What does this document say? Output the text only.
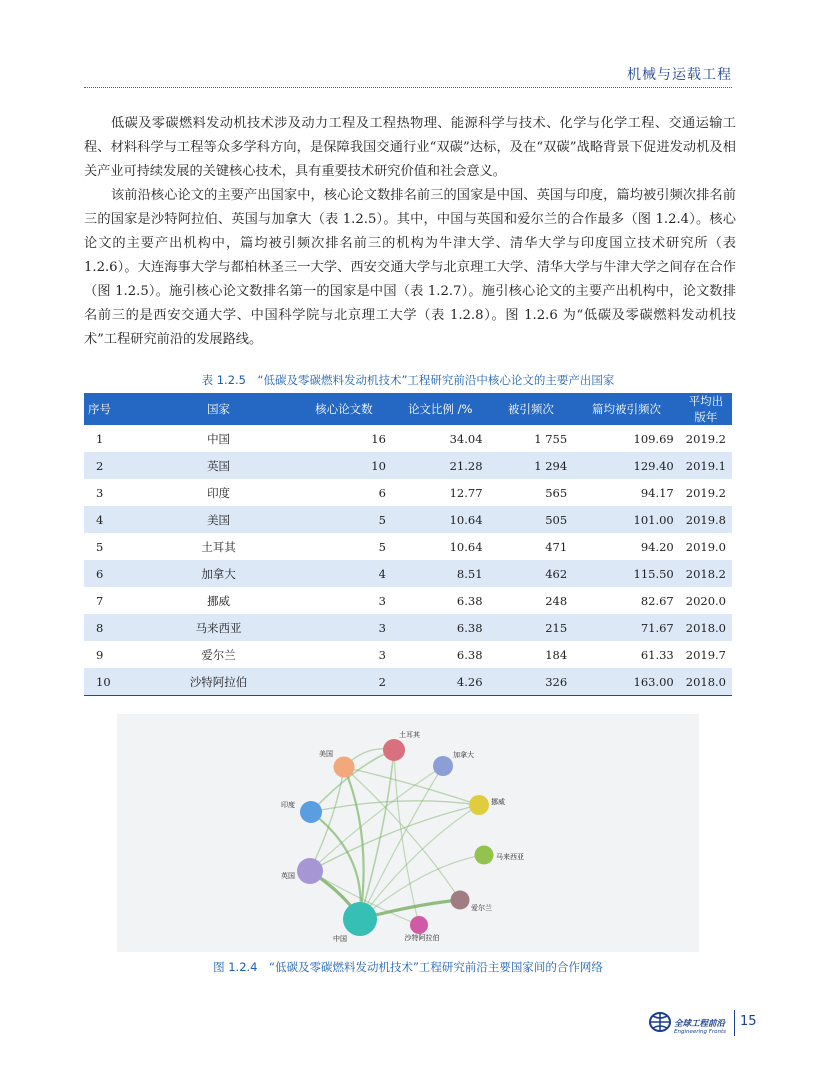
机械与运载工程

低碳及零碳燃料发动机技术涉及动力工程及工程热物理、能源科学与技术、化学与化学工程、交通运输工程、材料科学与工程等众多学科方向，是保障我国交通行业“双碳”达标，及在“双碳”战略背景下促进发动机及相关产业可持续发展的关键核心技术，具有重要技术研究价值和社会意义。

该前沿核心论文的主要产出国家中，核心论文数排名前三的国家是中国、英国与印度，篇均被引频次排名前三的国家是沙特阿拉伯、英国与加拿大（表 1.2.5）。其中，中国与英国和爱尔兰的合作最多（图 1.2.4）。核心论文的主要产出机构中，篇均被引频次排名前三的机构为牛津大学、清华大学与印度国立技术研究所（表 1.2.6）。大连海事大学与都柏林圣三一大学、西安交通大学与北京理工大学、清华大学与牛津大学之间存在合作（图 1.2.5）。施引核心论文数排名第一的国家是中国（表 1.2.7）。施引核心论文的主要产出机构中，论文数排名前三的是西安交通大学、中国科学院与北京理工大学（表 1.2.8）。图 1.2.6 为“低碳及零碳燃料发动机技术”工程研究前沿的发展路线。

表 1.2.5　“低碳及零碳燃料发动机技术”工程研究前沿中核心论文的主要产出国家
序号	国家	核心论文数	论文比例 /%	被引频次	篇均被引频次	平均出版年
1	中国	16	34.04	1 755	109.69	2019.2
2	英国	10	21.28	1 294	129.40	2019.1
3	印度	6	12.77	565	94.17	2019.2
4	美国	5	10.64	505	101.00	2019.8
5	土耳其	5	10.64	471	94.20	2019.0
6	加拿大	4	8.51	462	115.50	2018.2
7	挪威	3	6.38	248	82.67	2020.0
8	马来西亚	3	6.38	215	71.67	2018.0
9	爱尔兰	3	6.38	184	61.33	2019.7
10	沙特阿拉伯	2	4.26	326	163.00	2018.0
土耳其
加拿大
挪威
马来西亚
爱尔兰
沙特阿拉伯
中国
英国
印度
美国
图 1.2.4　“低碳及零碳燃料发动机技术”工程研究前沿主要国家间的合作网络
全球工程前沿
Engineering Fronts
15
